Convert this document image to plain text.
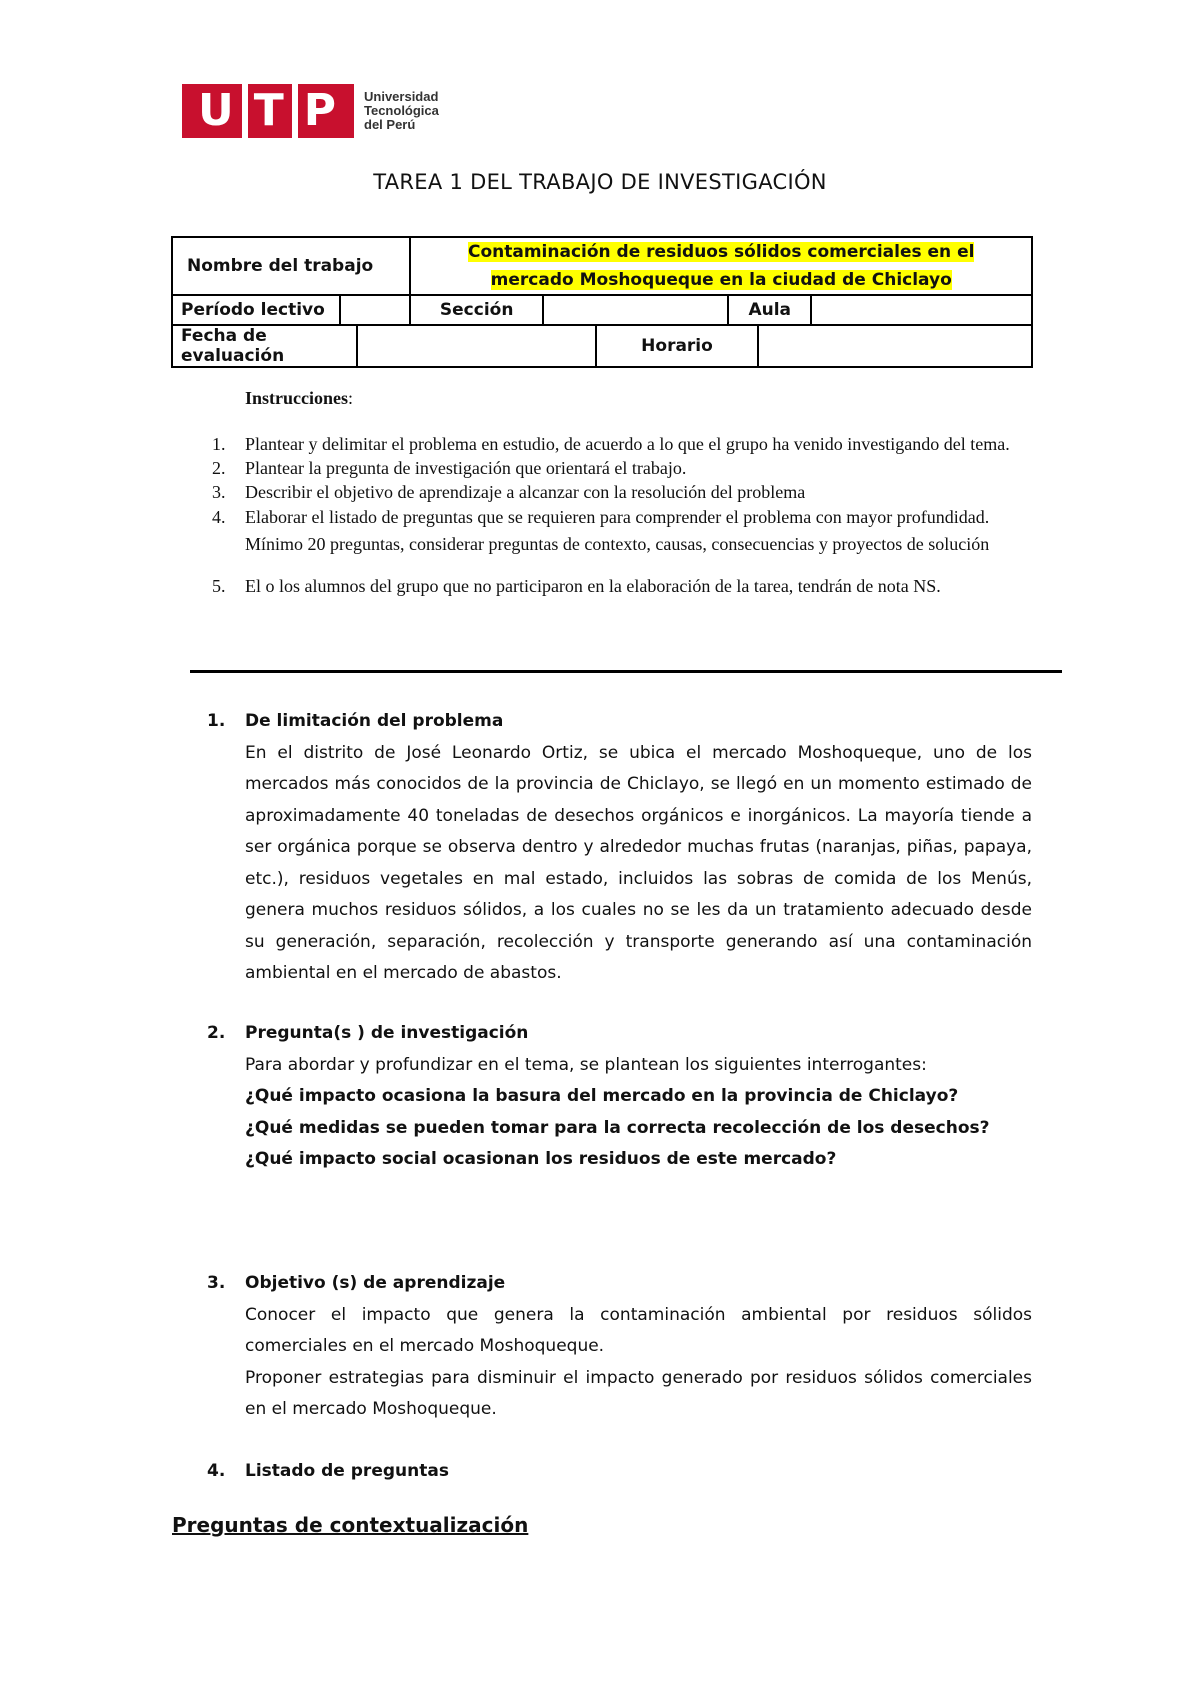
U T P Universidad
Tecnológica
del Perú
TAREA 1 DEL TRABAJO DE INVESTIGACIÓN
Nombre del trabajo			Contaminación de residuos sólidos comerciales en el
mercado Moshoqueque en la ciudad de Chiclayo					
Período lectivo			Sección			Aula		
Fecha de evaluación					Horario			
Instrucciones:
1. Plantear y delimitar el problema en estudio, de acuerdo a lo que el grupo ha venido investigando del tema.
2. Plantear la pregunta de investigación que orientará el trabajo.
3. Describir el objetivo de aprendizaje a alcanzar con la resolución del problema
4. Elaborar el listado de preguntas que se requieren para comprender el problema con mayor profundidad. Mínimo 20 preguntas, considerar preguntas de contexto, causas, consecuencias y proyectos de solución
5. El o los alumnos del grupo que no participaron en la elaboración de la tarea, tendrán de nota NS.
1. De limitación del problema
En el distrito de José Leonardo Ortiz, se ubica el mercado Moshoqueque, uno de los mercados más conocidos de la provincia de Chiclayo, se llegó en un momento estimado de aproximadamente 40 toneladas de desechos orgánicos e inorgánicos. La mayoría tiende a ser orgánica porque se observa dentro y alrededor muchas frutas (naranjas, piñas, papaya, etc.), residuos vegetales en mal estado, incluidos las sobras de comida de los Menús, genera muchos residuos sólidos, a los cuales no se les da un tratamiento adecuado desde su generación, separación, recolección y transporte generando así una contaminación ambiental en el mercado de abastos.
2. Pregunta(s ) de investigación
Para abordar y profundizar en el tema, se plantean los siguientes interrogantes:
¿Qué impacto ocasiona la basura del mercado en la provincia de Chiclayo?
¿Qué medidas se pueden tomar para la correcta recolección de los desechos?
¿Qué impacto social ocasionan los residuos de este mercado?
3. Objetivo (s) de aprendizaje
Conocer el impacto que genera la contaminación ambiental por residuos sólidos comerciales en el mercado Moshoqueque.
Proponer estrategias para disminuir el impacto generado por residuos sólidos comerciales en el mercado Moshoqueque.
4. Listado de preguntas
Preguntas de contextualización
